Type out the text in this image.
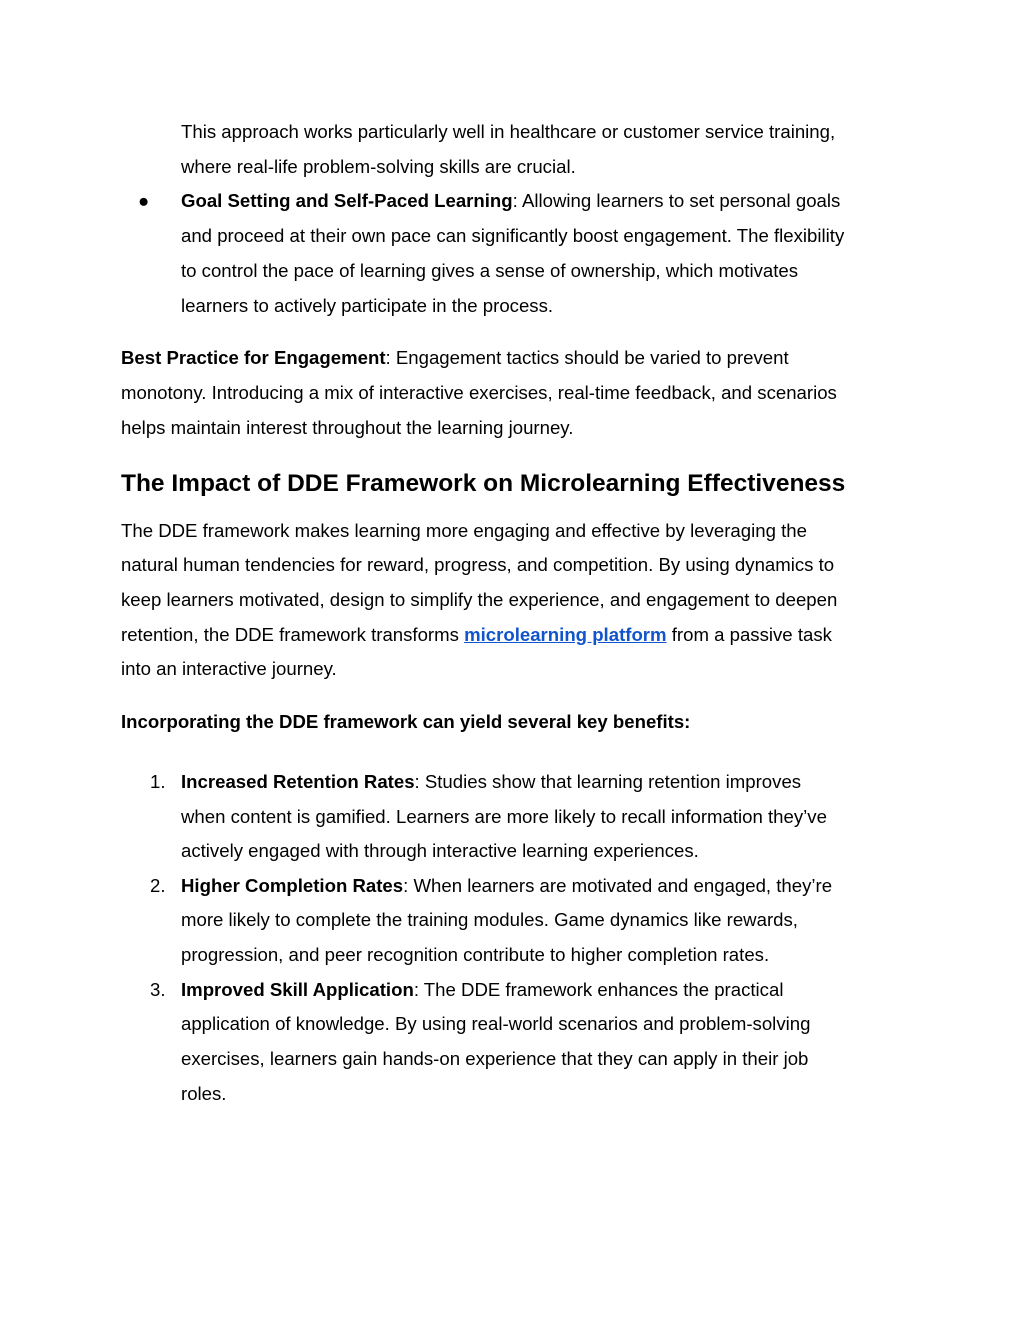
This approach works particularly well in healthcare or customer service training,
where real-life problem-solving skills are crucial.
● Goal Setting and Self-Paced Learning: Allowing learners to set personal goals
and proceed at their own pace can significantly boost engagement. The flexibility
to control the pace of learning gives a sense of ownership, which motivates
learners to actively participate in the process.
Best Practice for Engagement: Engagement tactics should be varied to prevent
monotony. Introducing a mix of interactive exercises, real-time feedback, and scenarios
helps maintain interest throughout the learning journey.
The Impact of DDE Framework on Microlearning Effectiveness
The DDE framework makes learning more engaging and effective by leveraging the
natural human tendencies for reward, progress, and competition. By using dynamics to
keep learners motivated, design to simplify the experience, and engagement to deepen
retention, the DDE framework transforms microlearning platform from a passive task
into an interactive journey.
Incorporating the DDE framework can yield several key benefits:
1. Increased Retention Rates: Studies show that learning retention improves
when content is gamified. Learners are more likely to recall information they’ve
actively engaged with through interactive learning experiences.
2. Higher Completion Rates: When learners are motivated and engaged, they’re
more likely to complete the training modules. Game dynamics like rewards,
progression, and peer recognition contribute to higher completion rates.
3. Improved Skill Application: The DDE framework enhances the practical
application of knowledge. By using real-world scenarios and problem-solving
exercises, learners gain hands-on experience that they can apply in their job
roles.
